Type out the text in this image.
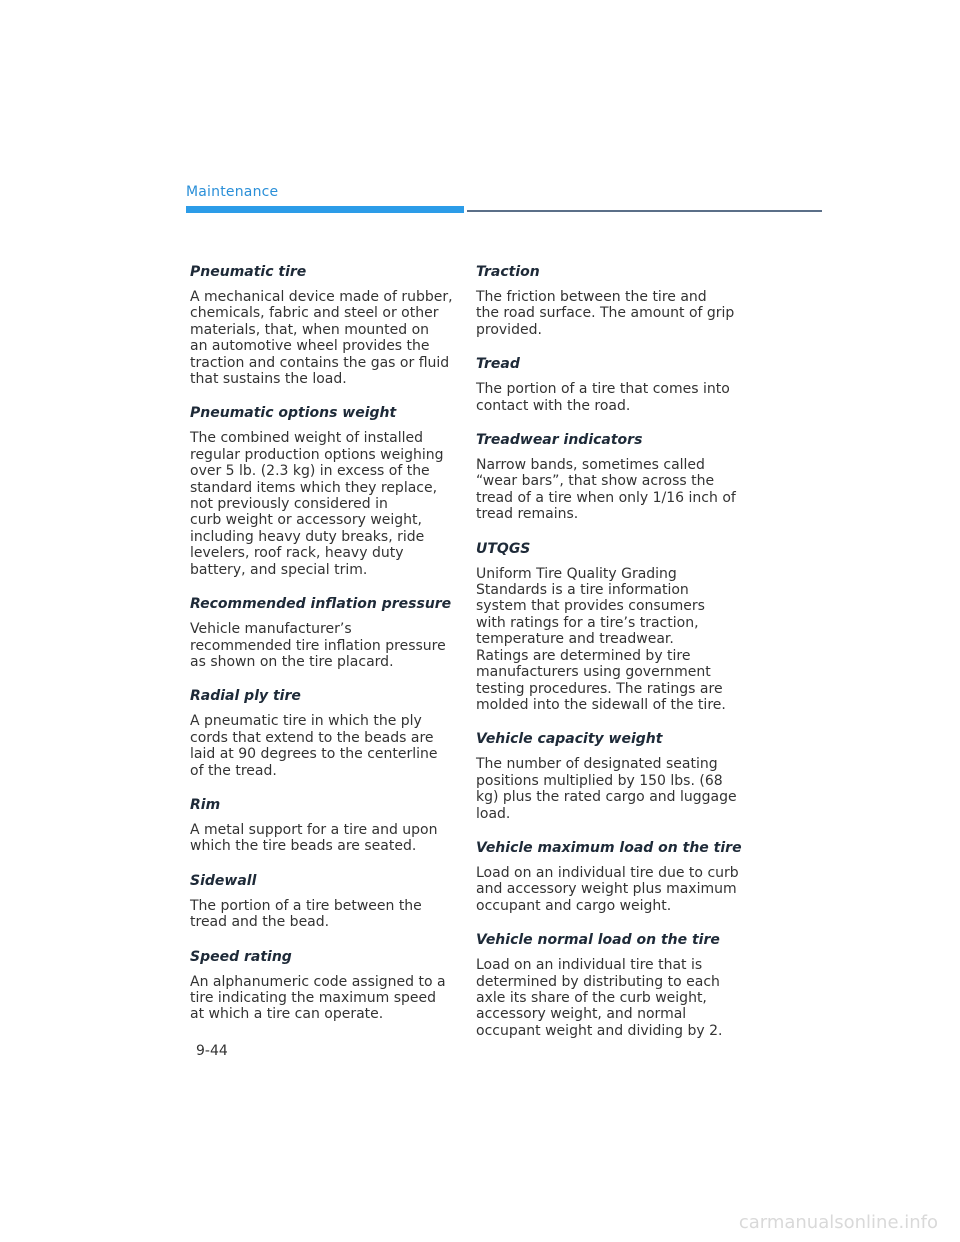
Maintenance

Pneumatic tire

A mechanical device made of rubber,
chemicals, fabric and steel or other
materials, that, when mounted on
an automotive wheel provides the
traction and contains the gas or fluid
that sustains the load.

Pneumatic options weight

The combined weight of installed
regular production options weighing
over 5 lb. (2.3 kg) in excess of the
standard items which they replace,
not previously considered in
curb weight or accessory weight,
including heavy duty breaks, ride
levelers, roof rack, heavy duty
battery, and special trim.

Recommended inflation pressure

Vehicle manufacturer’s
recommended tire inflation pressure
as shown on the tire placard.

Radial ply tire

A pneumatic tire in which the ply
cords that extend to the beads are
laid at 90 degrees to the centerline
of the tread.

Rim

A metal support for a tire and upon
which the tire beads are seated.

Sidewall

The portion of a tire between the
tread and the bead.

Speed rating

An alphanumeric code assigned to a
tire indicating the maximum speed
at which a tire can operate.

Traction

The friction between the tire and
the road surface. The amount of grip
provided.

Tread

The portion of a tire that comes into
contact with the road.

Treadwear indicators

Narrow bands, sometimes called
“wear bars”, that show across the
tread of a tire when only 1/16 inch of
tread remains.

UTQGS

Uniform Tire Quality Grading
Standards is a tire information
system that provides consumers
with ratings for a tire’s traction,
temperature and treadwear.
Ratings are determined by tire
manufacturers using government
testing procedures. The ratings are
molded into the sidewall of the tire.

Vehicle capacity weight

The number of designated seating
positions multiplied by 150 lbs. (68
kg) plus the rated cargo and luggage
load.

Vehicle maximum load on the tire

Load on an individual tire due to curb
and accessory weight plus maximum
occupant and cargo weight.

Vehicle normal load on the tire

Load on an individual tire that is
determined by distributing to each
axle its share of the curb weight,
accessory weight, and normal
occupant weight and dividing by 2.

9-44
carmanualsonline.info
